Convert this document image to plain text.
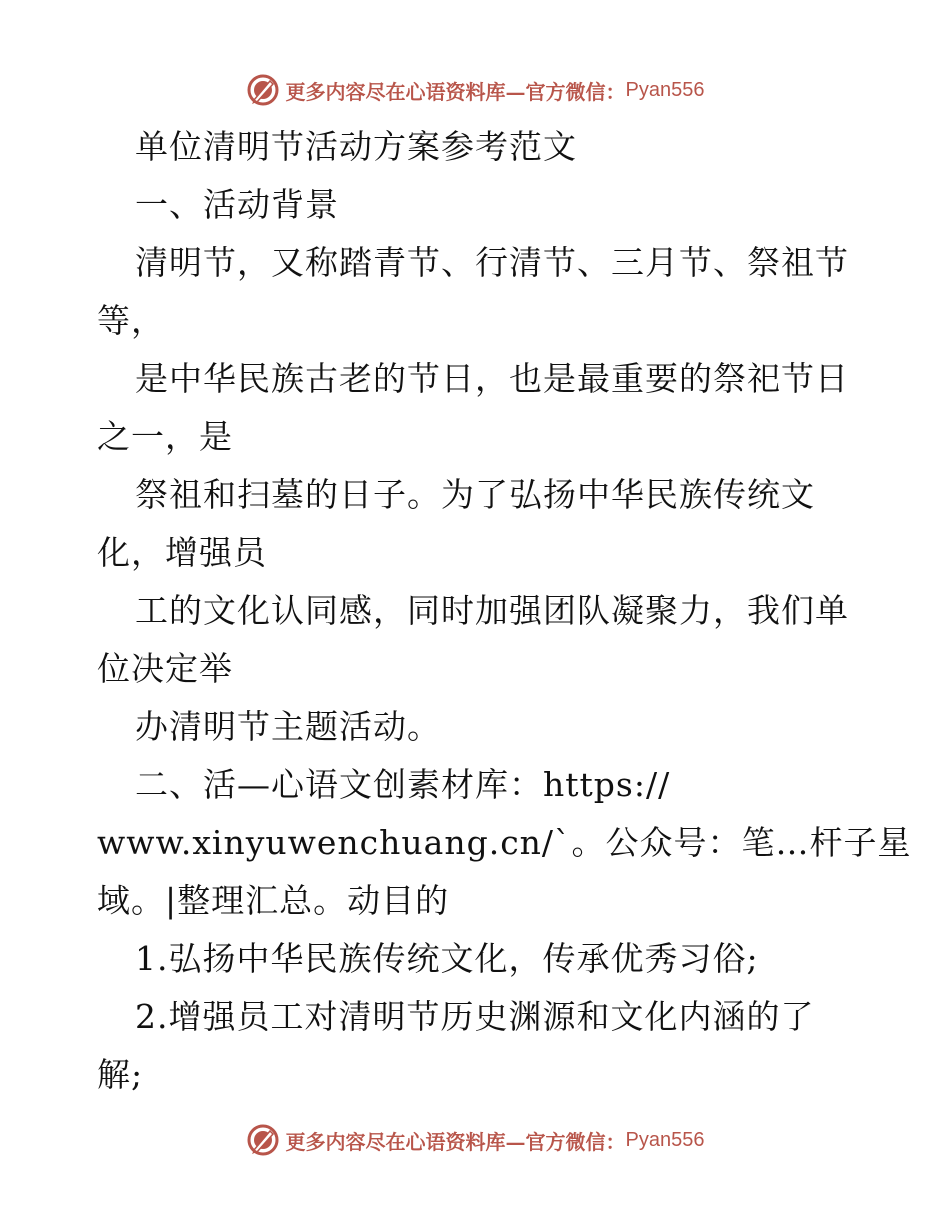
更多内容尽在心语资料库—官方微信： Pyan556
单位清明节活动方案参考范文
一、活动背景
清明节，又称踏青节、行清节、三月节、祭祖节
等，
是中华民族古老的节日，也是最重要的祭祀节日
之一，是
祭祖和扫墓的日子。为了弘扬中华民族传统文
化，增强员
工的文化认同感，同时加强团队凝聚力，我们单
位决定举
办清明节主题活动。
二、活—心语文创素材库：https://
www.xinyuwenchuang.cn/`。公众号：笔…杆子星
域。|整理汇总。动目的
1.弘扬中华民族传统文化，传承优秀习俗;
2.增强员工对清明节历史渊源和文化内涵的了
解;
更多内容尽在心语资料库—官方微信： Pyan556
